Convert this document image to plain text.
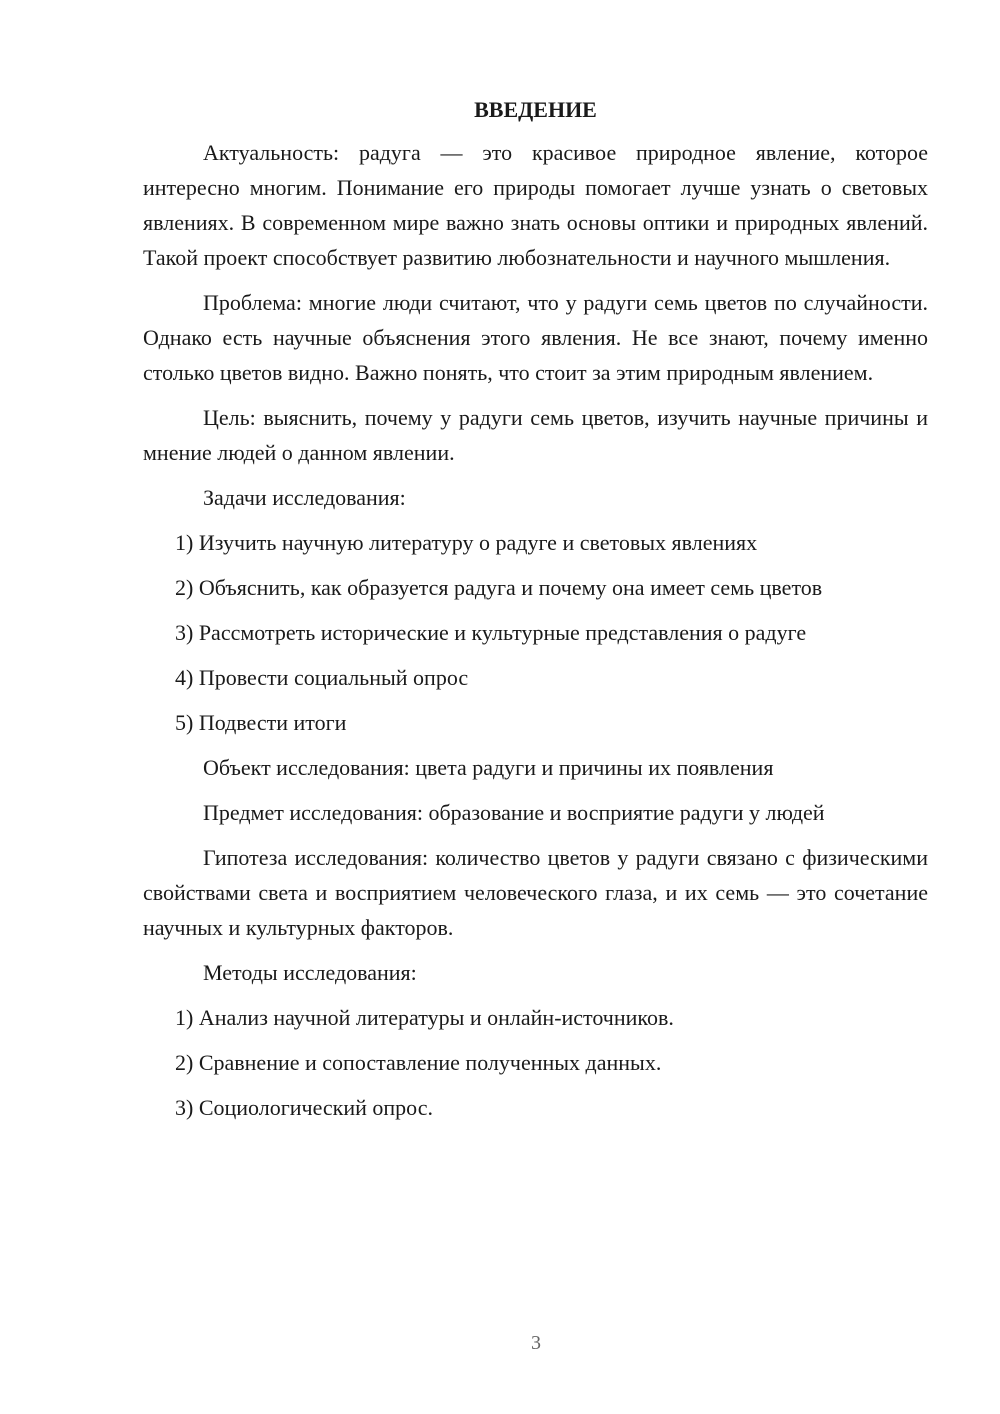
ВВЕДЕНИЕ
Актуальность: радуга — это красивое природное явление, которое интересно многим. Понимание его природы помогает лучше узнать о световых явлениях. В современном мире важно знать основы оптики и природных явлений. Такой проект способствует развитию любознательности и научного мышления.
Проблема: многие люди считают, что у радуги семь цветов по случайности. Однако есть научные объяснения этого явления. Не все знают, почему именно столько цветов видно. Важно понять, что стоит за этим природным явлением.
Цель: выяснить, почему у радуги семь цветов, изучить научные причины и мнение людей о данном явлении.
Задачи исследования:
1) Изучить научную литературу о радуге и световых явлениях
2) Объяснить, как образуется радуга и почему она имеет семь цветов
3) Рассмотреть исторические и культурные представления о радуге
4) Провести социальный опрос
5) Подвести итоги
Объект исследования: цвета радуги и причины их появления
Предмет исследования: образование и восприятие радуги у людей
Гипотеза исследования: количество цветов у радуги связано с физическими свойствами света и восприятием человеческого глаза, и их семь — это сочетание научных и культурных факторов.
Методы исследования:
1) Анализ научной литературы и онлайн-источников.
2) Сравнение и сопоставление полученных данных.
3) Социологический опрос.
3
